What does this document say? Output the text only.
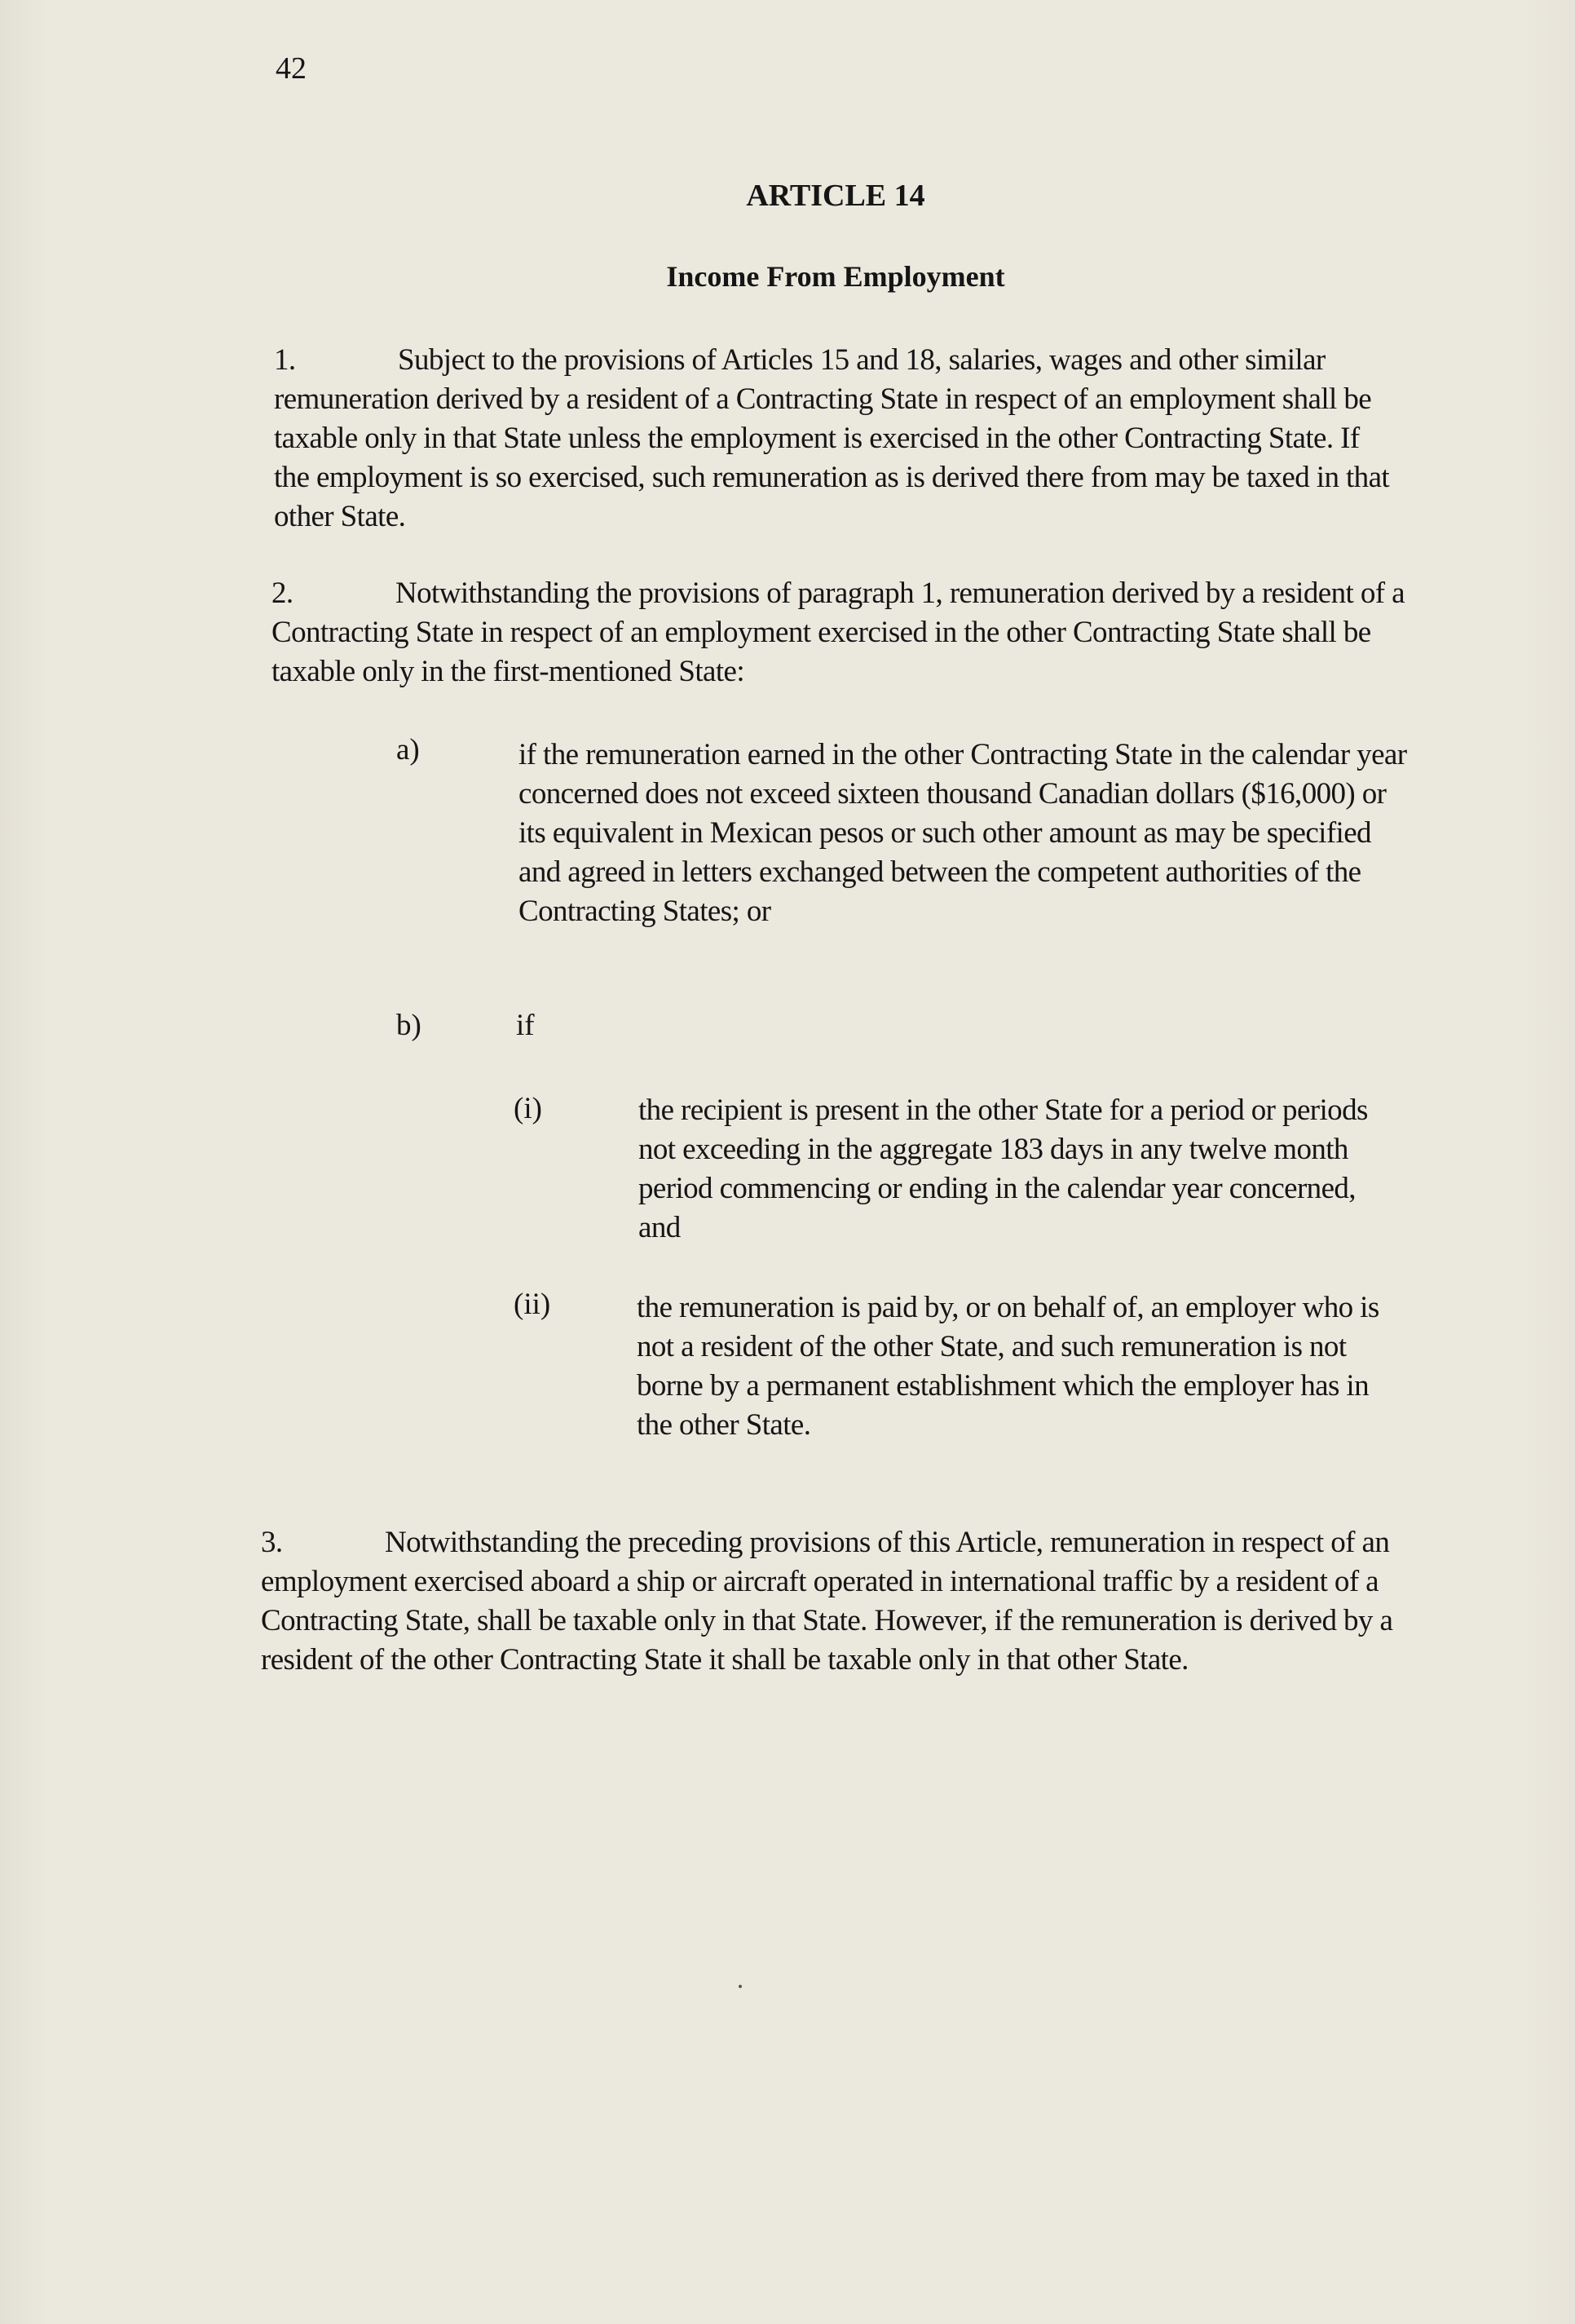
42
ARTICLE 14
Income From Employment

1.	Subject to the provisions of Articles 15 and 18, salaries, wages and other similar remuneration derived by a resident of a Contracting State in respect of an employment shall be taxable only in that State unless the employment is exercised in the other Contracting State. If the employment is so exercised, such remuneration as is derived there from may be taxed in that other State.

2.	Notwithstanding the provisions of paragraph 1, remuneration derived by a resident of a Contracting State in respect of an employment exercised in the other Contracting State shall be taxable only in the first-mentioned State:

a)	if the remuneration earned in the other Contracting State in the calendar year concerned does not exceed sixteen thousand Canadian dollars ($16,000) or its equivalent in Mexican pesos or such other amount as may be specified and agreed in letters exchanged between the competent authorities of the Contracting States; or

b)	if
(i)	the recipient is present in the other State for a period or periods not exceeding in the aggregate 183 days in any twelve month period commencing or ending in the calendar year concerned, and

(ii)	the remuneration is paid by, or on behalf of, an employer who is not a resident of the other State, and such remuneration is not borne by a permanent establishment which the employer has in the other State.

3.	Notwithstanding the preceding provisions of this Article, remuneration in respect of an employment exercised aboard a ship or aircraft operated in international traffic by a resident of a Contracting State, shall be taxable only in that State. However, if the remuneration is derived by a resident of the other Contracting State it shall be taxable only in that other State.
